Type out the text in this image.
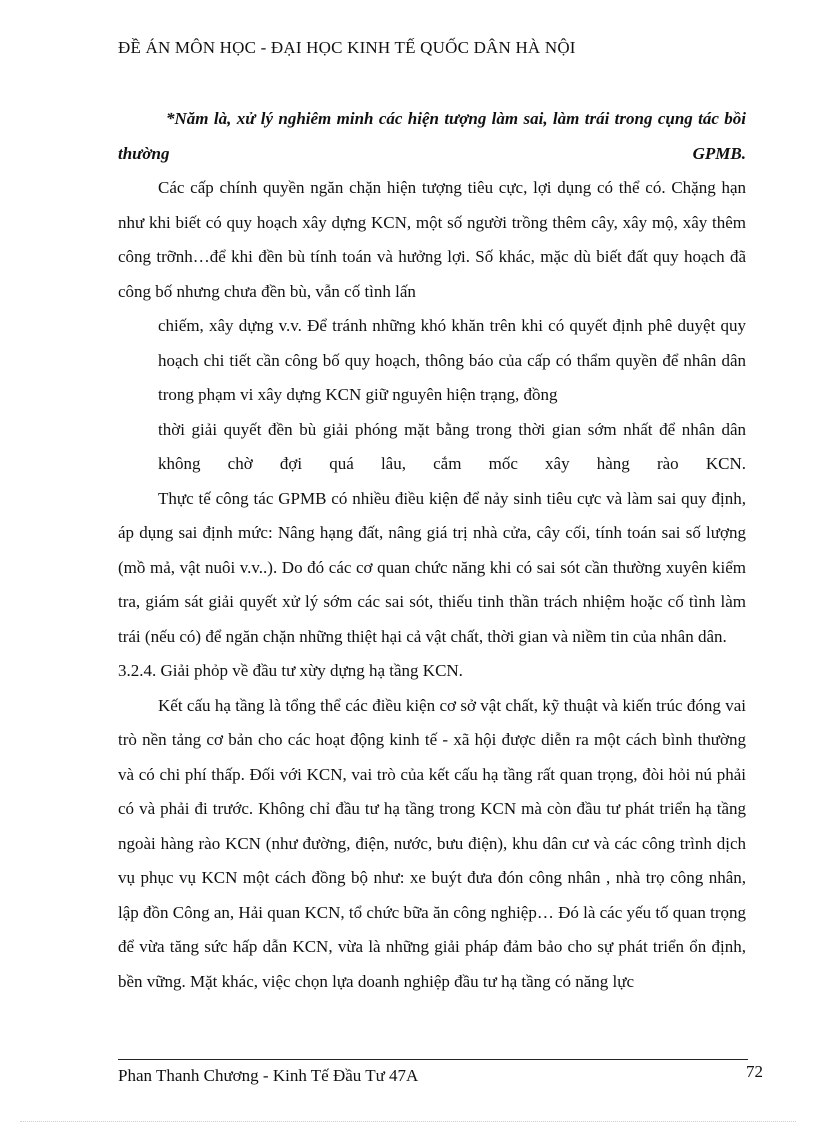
ĐỀ ÁN MÔN HỌC - ĐẠI HỌC KINH TẾ QUỐC DÂN HÀ NỘI

*Năm là, xử lý nghiêm minh các hiện tượng làm sai, làm trái trong cụng tác bồi thường GPMB.

Các cấp chính quyền ngăn chặn hiện tượng tiêu cực, lợi dụng có thể có. Chặng hạn như khi biết có quy hoạch xây dựng KCN, một số người trồng thêm cây, xây mộ, xây thêm công trỡnh…để khi đền bù tính toán và hưởng lợi. Số khác, mặc dù biết đất quy hoạch đã công bố nhưng chưa đền bù, vẫn cố tình lấn

chiếm, xây dựng v.v. Để tránh những khó khăn trên khi có quyết định phê duyệt quy hoạch chi tiết cần công bố quy hoạch, thông báo của cấp có thẩm quyền để nhân dân trong phạm vi xây dựng KCN giữ nguyên hiện trạng, đồng

thời giải quyết đền bù giải phóng mặt bằng trong thời gian sớm nhất để nhân dân không chờ đợi quá lâu, cắm mốc xây hàng rào KCN.

Thực tế công tác GPMB có nhiều điều kiện để nảy sinh tiêu cực và làm sai quy định, áp dụng sai định mức: Nâng hạng đất, nâng giá trị nhà cửa, cây cối, tính toán sai số lượng (mồ mả, vật nuôi v.v..). Do đó các cơ quan chức năng khi có sai sót cần thường xuyên kiểm tra, giám sát giải quyết xử lý sớm các sai sót, thiếu tinh thần trách nhiệm hoặc cố tình làm trái (nếu có) để ngăn chặn những thiệt hại cả vật chất, thời gian và niềm tin của nhân dân.

3.2.4. Giải phỏp về đầu tư xừy dựng hạ tầng KCN.

Kết cấu hạ tầng là tổng thể các điều kiện cơ sở vật chất, kỹ thuật và kiến trúc đóng vai trò nền tảng cơ bản cho các hoạt động kinh tế - xã hội được diễn ra một cách bình thường và có chi phí thấp. Đối với KCN, vai trò của kết cấu hạ tầng rất quan trọng, đòi hỏi nú phải có và phải đi trước. Không chỉ đầu tư hạ tầng trong KCN mà còn đầu tư phát triển hạ tầng ngoài hàng rào KCN (như đường, điện, nước, bưu điện), khu dân cư và các công trình dịch vụ phục vụ KCN một cách đồng bộ như: xe buýt đưa đón công nhân , nhà trọ công nhân, lập đồn Công an, Hải quan KCN, tổ chức bữa ăn công nghiệp… Đó là các yếu tố quan trọng để vừa tăng sức hấp dẫn KCN, vừa là những giải pháp đảm bảo cho sự phát triển ổn định, bền vững. Mặt khác, việc chọn lựa doanh nghiệp đầu tư hạ tầng có năng lực

Phan Thanh Chương - Kinh Tế Đầu Tư 47A	72
